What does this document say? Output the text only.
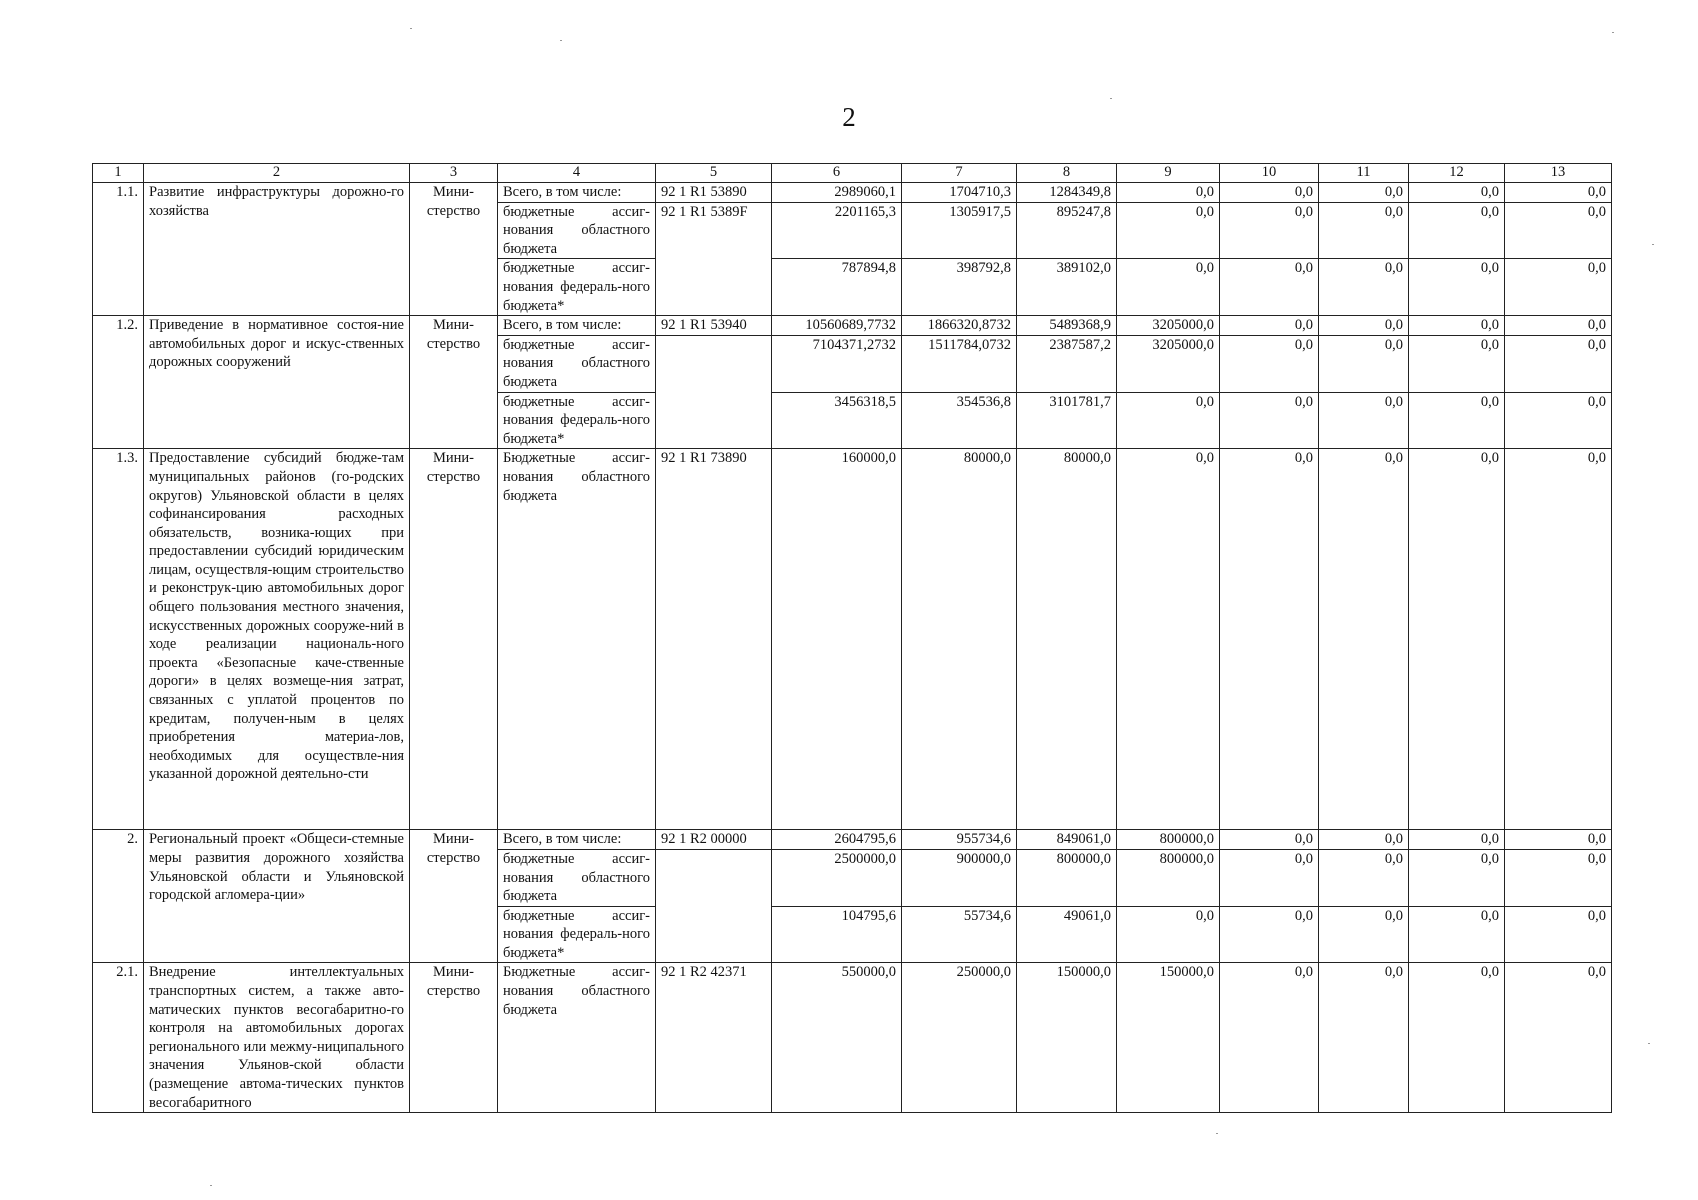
2
1	2	3	4	5	6	7	8	9	10	11	12	13
1.1.	Развитие инфраструктуры дорожно-го хозяйства	Мини-стерство	Всего, в том числе:	92 1 R1 53890	2989060,1	1704710,3	1284349,8	0,0	0,0	0,0	0,0	0,0
			бюджетные ассиг-нования областного бюджета	92 1 R1 5389F	2201165,3	1305917,5	895247,8	0,0	0,0	0,0	0,0	0,0
			бюджетные ассиг-нования федераль-ного бюджета*		787894,8	398792,8	389102,0	0,0	0,0	0,0	0,0	0,0
1.2.	Приведение в нормативное состоя-ние автомобильных дорог и искус-ственных дорожных сооружений	Мини-стерство	Всего, в том числе:	92 1 R1 53940	10560689,7732	1866320,8732	5489368,9	3205000,0	0,0	0,0	0,0	0,0
			бюджетные ассиг-нования областного бюджета		7104371,2732	1511784,0732	2387587,2	3205000,0	0,0	0,0	0,0	0,0
			бюджетные ассиг-нования федераль-ного бюджета*		3456318,5	354536,8	3101781,7	0,0	0,0	0,0	0,0	0,0
1.3.	Предоставление субсидий бюдже-там муниципальных районов (го-родских округов) Ульяновской области в целях софинансирования расходных обязательств, возника-ющих при предоставлении субсидий юридическим лицам, осуществля-ющим строительство и реконструк-цию автомобильных дорог общего пользования местного значения, искусственных дорожных сооруже-ний в ходе реализации националь-ного проекта «Безопасные каче-ственные дороги» в целях возмеще-ния затрат, связанных с уплатой процентов по кредитам, получен-ным в целях приобретения материа-лов, необходимых для осуществле-ния указанной дорожной деятельно-сти	Мини-стерство	Бюджетные ассиг-нования областного бюджета	92 1 R1 73890	160000,0	80000,0	80000,0	0,0	0,0	0,0	0,0	0,0
2.	Региональный проект «Общеси-стемные меры развития дорожного хозяйства Ульяновской области и Ульяновской городской агломера-ции»	Мини-стерство	Всего, в том числе:	92 1 R2 00000	2604795,6	955734,6	849061,0	800000,0	0,0	0,0	0,0	0,0
			бюджетные ассиг-нования областного бюджета		2500000,0	900000,0	800000,0	800000,0	0,0	0,0	0,0	0,0
			бюджетные ассиг-нования федераль-ного бюджета*		104795,6	55734,6	49061,0	0,0	0,0	0,0	0,0	0,0
2.1.	Внедрение интеллектуальных транспортных систем, а также авто-матических пунктов весогабаритно-го контроля на автомобильных дорогах регионального или межму-ниципального значения Ульянов-ской области (размещение автома-тических пунктов весогабаритного	Мини-стерство	Бюджетные ассиг-нования областного бюджета	92 1 R2 42371	550000,0	250000,0	150000,0	150000,0	0,0	0,0	0,0	0,0
